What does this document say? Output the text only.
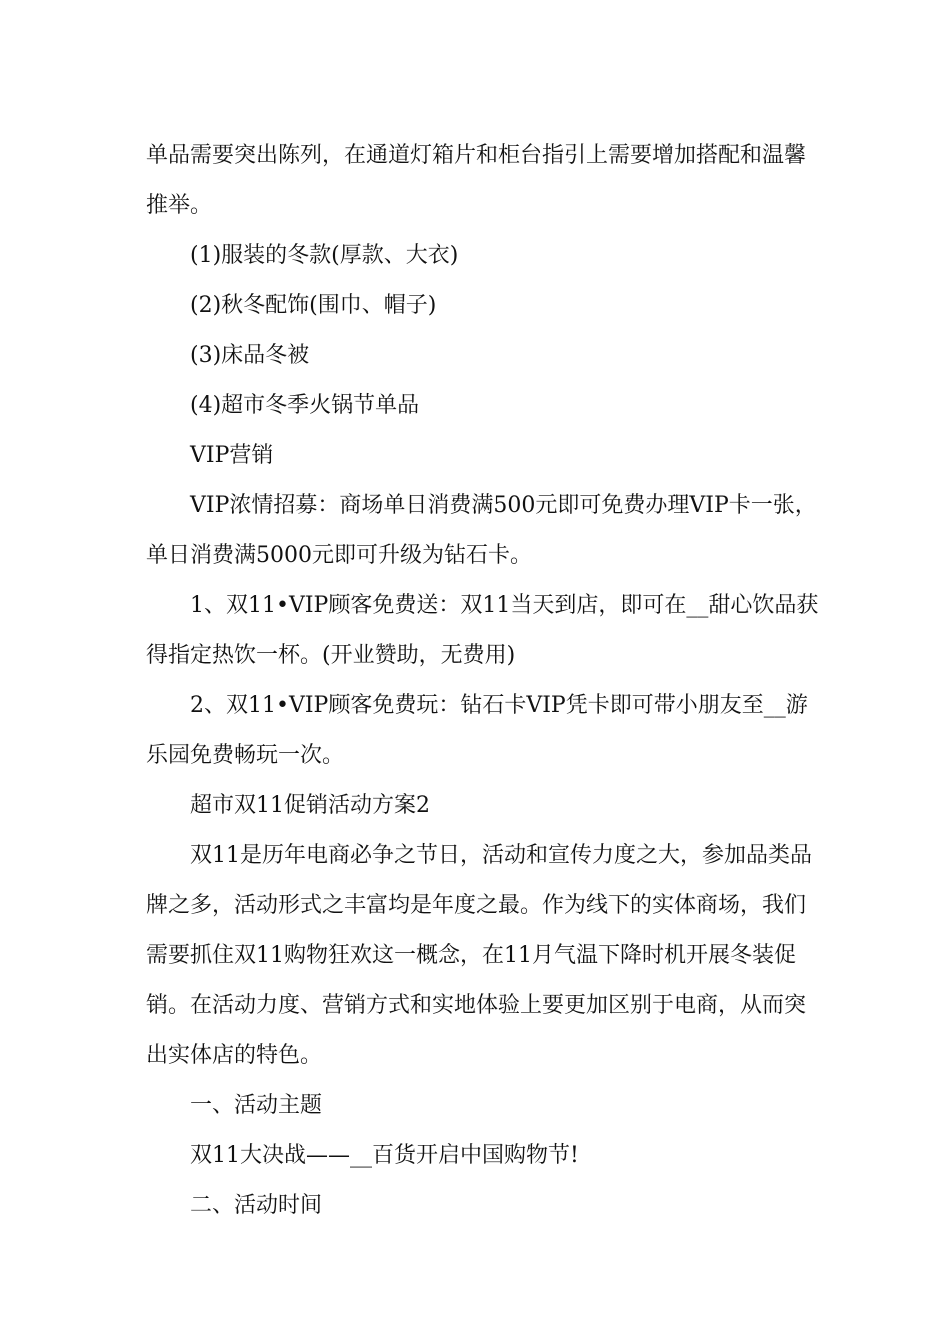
单品需要突出陈列，在通道灯箱片和柜台指引上需要增加搭配和温馨推举。

(1)服装的冬款(厚款、大衣)

(2)秋冬配饰(围巾、帽子)

(3)床品冬被

(4)超市冬季火锅节单品

VIP营销

VIP浓情招募：商场单日消费满500元即可免费办理VIP卡一张，单日消费满5000元即可升级为钻石卡。

1、双11•VIP顾客免费送：双11当天到店，即可在__甜心饮品获得指定热饮一杯。(开业赞助，无费用)

2、双11•VIP顾客免费玩：钻石卡VIP凭卡即可带小朋友至__游乐园免费畅玩一次。

超市双11促销活动方案2

双11是历年电商必争之节日，活动和宣传力度之大，参加品类品牌之多，活动形式之丰富均是年度之最。作为线下的实体商场，我们需要抓住双11购物狂欢这一概念，在11月气温下降时机开展冬装促销。在活动力度、营销方式和实地体验上要更加区别于电商，从而突出实体店的特色。

一、活动主题

双11大决战——__百货开启中国购物节!

二、活动时间
